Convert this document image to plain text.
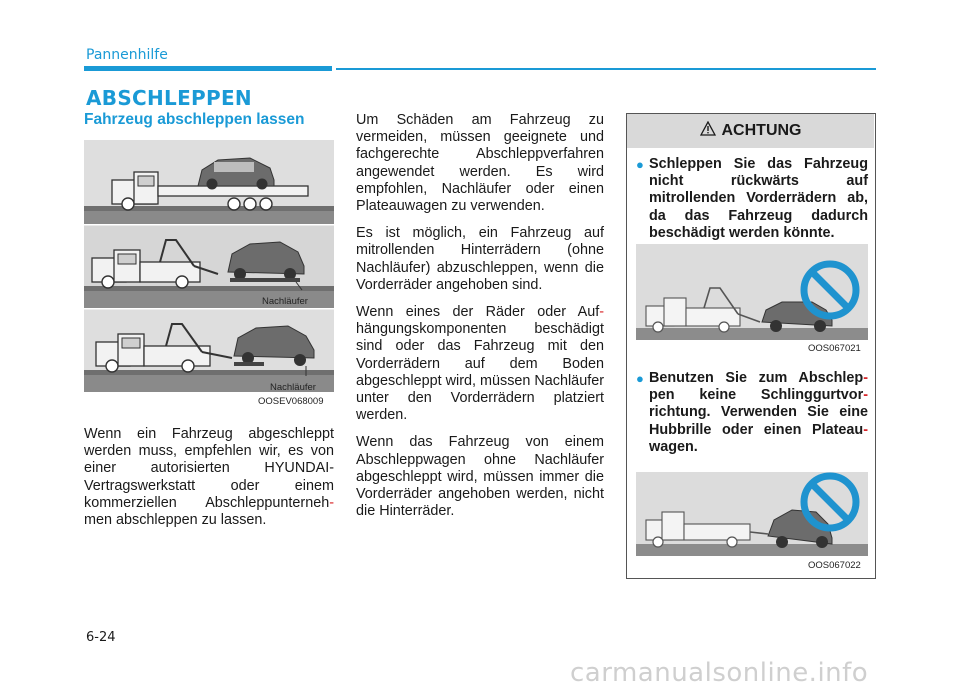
Pannenhilfe
ABSCHLEPPEN
Fahrzeug abschleppen lassen
Nachläufer
Nachläufer
OOSEV068009

Wenn ein Fahrzeug abgeschleppt werden muss, empfehlen wir, es von einer autorisierten HYUNDAI-Vertragswerkstatt oder einem kommerziellen Abschleppunterneh- men abschleppen zu lassen.

Um Schäden am Fahrzeug zu vermeiden, müssen geeignete und fachgerechte Abschleppverfahren angewendet werden. Es wird empfohlen, Nachläufer oder einen Plateauwagen zu verwenden.

Es ist möglich, ein Fahrzeug auf mitrollenden Hinterrädern (ohne Nachläufer) abzuschleppen, wenn die Vorderräder angehoben sind.

Wenn eines der Räder oder Auf- hängungskomponenten beschädigt sind oder das Fahrzeug mit den Vorderrädern auf dem Boden abgeschleppt wird, müssen Nachläufer unter den Vorderrädern platziert werden.

Wenn das Fahrzeug von einem Abschleppwagen ohne Nachläufer abgeschleppt wird, müssen immer die Vorderräder angehoben werden, nicht die Hinterräder.

ACHTUNG
● Schleppen Sie das Fahrzeug nicht rückwärts auf mitrollenden Vorderrädern ab, da das Fahrzeug dadurch beschädigt werden könnte.
OOS067021
● Benutzen Sie zum Abschlep- pen keine Schlinggurtvor- richtung. Verwenden Sie eine Hubbrille oder einen Plateau- wagen.
OOS067022
6-24
carmanualsonline.info
